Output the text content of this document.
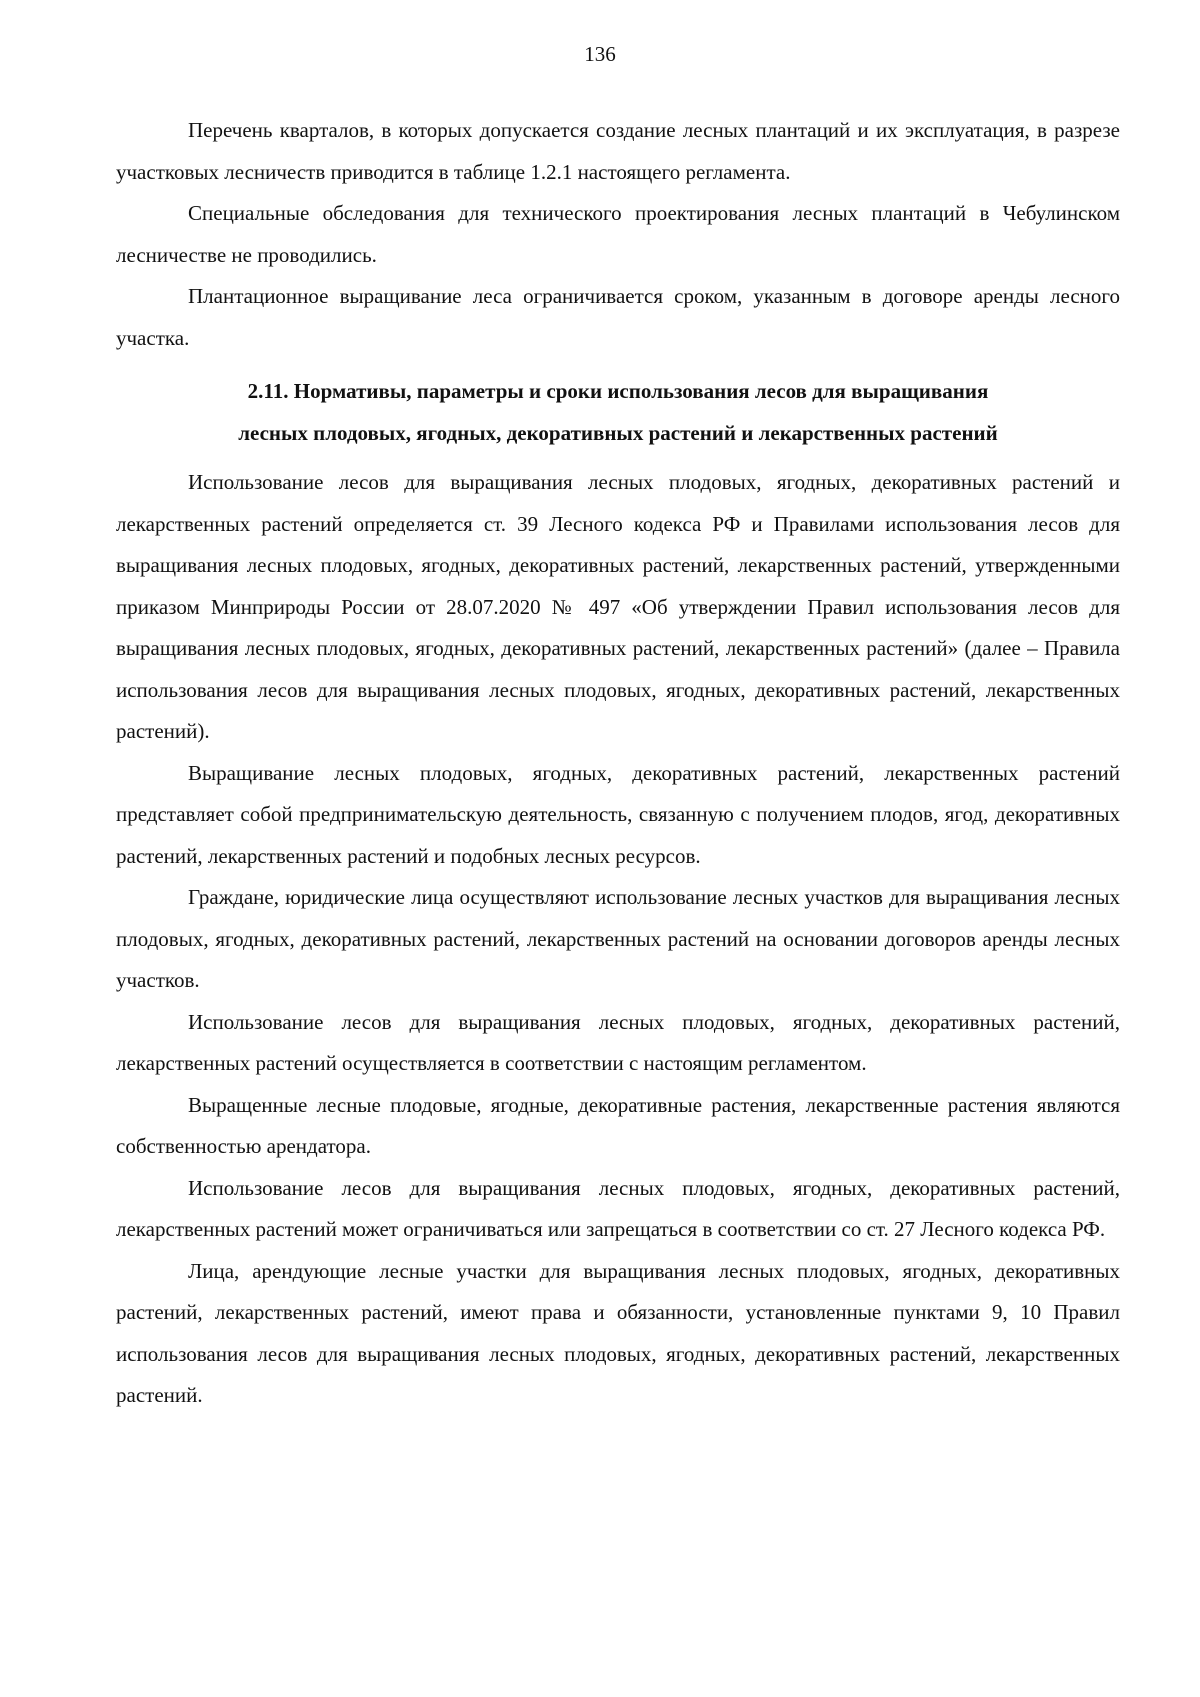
136

Перечень кварталов, в которых допускается создание лесных плантаций и их эксплуатация, в разрезе участковых лесничеств приводится в таблице 1.2.1 настоящего регламента.

Специальные обследования для технического проектирования лесных плантаций в Чебулинском лесничестве не проводились.

Плантационное выращивание леса ограничивается сроком, указанным в договоре аренды лесного участка.

2.11. Нормативы, параметры и сроки использования лесов для выращивания
лесных плодовых, ягодных, декоративных растений и лекарственных растений

Использование лесов для выращивания лесных плодовых, ягодных, декоративных растений и лекарственных растений определяется ст. 39 Лесного кодекса РФ и Правилами использования лесов для выращивания лесных плодовых, ягодных, декоративных растений, лекарственных растений, утвержденными приказом Минприроды России от 28.07.2020 № 497 «Об утверждении Правил использования лесов для выращивания лесных плодовых, ягодных, декоративных растений, лекарственных растений» (далее – Правила использования лесов для выращивания лесных плодовых, ягодных, декоративных растений, лекарственных растений).

Выращивание лесных плодовых, ягодных, декоративных растений, лекарственных растений представляет собой предпринимательскую деятельность, связанную с получением плодов, ягод, декоративных растений, лекарственных растений и подобных лесных ресурсов.

Граждане, юридические лица осуществляют использование лесных участков для выращивания лесных плодовых, ягодных, декоративных растений, лекарственных растений на основании договоров аренды лесных участков.

Использование лесов для выращивания лесных плодовых, ягодных, декоративных растений, лекарственных растений осуществляется в соответствии с настоящим регламентом.

Выращенные лесные плодовые, ягодные, декоративные растения, лекарственные растения являются собственностью арендатора.

Использование лесов для выращивания лесных плодовых, ягодных, декоративных растений, лекарственных растений может ограничиваться или запрещаться в соответствии со ст. 27 Лесного кодекса РФ.

Лица, арендующие лесные участки для выращивания лесных плодовых, ягодных, декоративных растений, лекарственных растений, имеют права и обязанности, установленные пунктами 9, 10 Правил использования лесов для выращивания лесных плодовых, ягодных, декоративных растений, лекарственных растений.
